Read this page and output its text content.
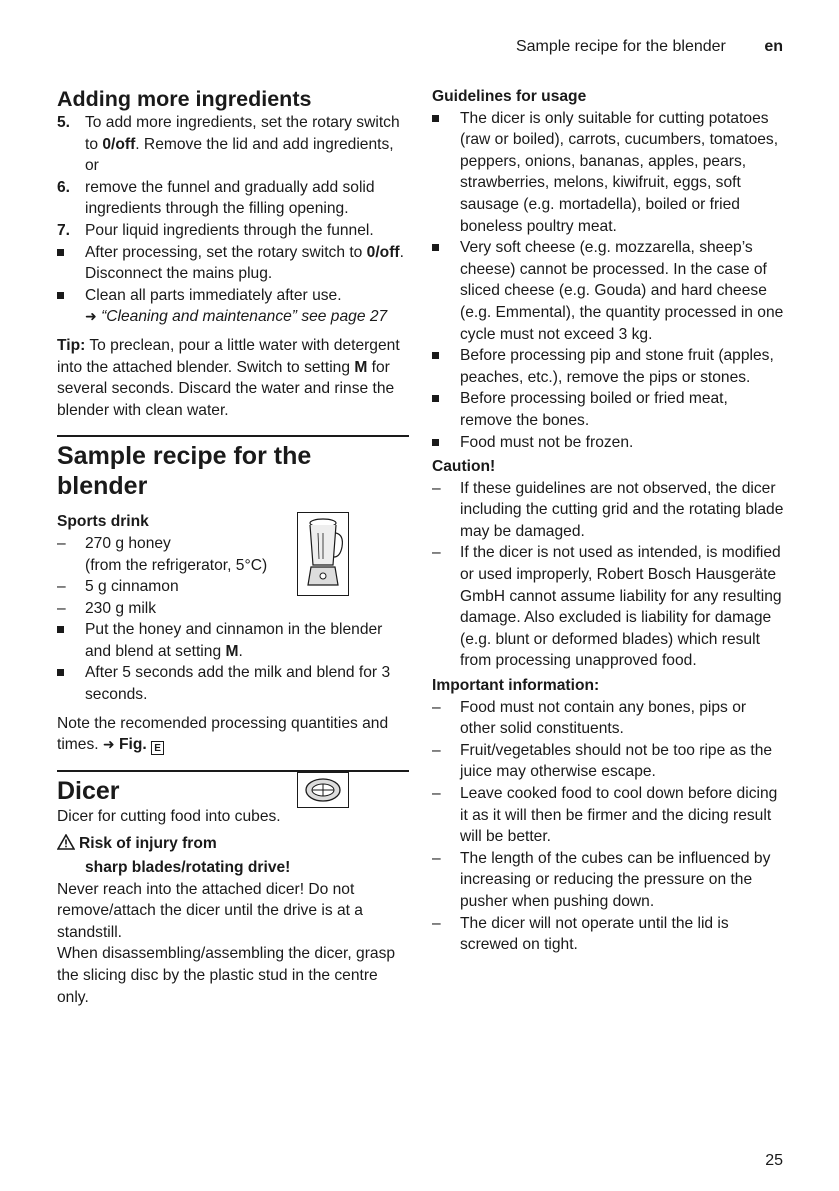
Sample recipe for the blender en
Adding more ingredients
5. To add more ingredients, set the rotary switch to 0/off. Remove the lid and add ingredients, or
6. remove the funnel and gradually add solid ingredients through the filling opening.
7. Pour liquid ingredients through the funnel.
After processing, set the rotary switch to 0/off. Disconnect the mains plug.
Clean all parts immediately after use.
➜ “Cleaning and maintenance” see page 27
Tip: To preclean, pour a little water with detergent into the attached blender. Switch to setting M for several seconds. Discard the water and rinse the blender with clean water.
Sample recipe for the blender
Sports drink
– 270 g honey
(from the refrigerator, 5°C)
– 5 g cinnamon
– 230 g milk
Put the honey and cinnamon in the blender and blend at setting M.
After 5 seconds add the milk and blend for 3 seconds.
Note the recomended processing quantities and times. ➜ Fig. E
Dicer
Dicer for cutting food into cubes.
Risk of injury from
sharp blades/rotating drive!
Never reach into the attached dicer! Do not remove/attach the dicer until the drive is at a standstill.
When disassembling/assembling the dicer, grasp the slicing disc by the plastic stud in the centre only.
Guidelines for usage
The dicer is only suitable for cutting potatoes (raw or boiled), carrots, cucumbers, tomatoes, peppers, onions, bananas, apples, pears, strawberries, melons, kiwifruit, eggs, soft sausage (e.g. mortadella), boiled or fried boneless poultry meat.
Very soft cheese (e.g. mozzarella, sheep’s cheese) cannot be processed. In the case of sliced cheese (e.g. Gouda) and hard cheese (e.g. Emmental), the quantity processed in one cycle must not exceed 3 kg.
Before processing pip and stone fruit (apples, peaches, etc.), remove the pips or stones.
Before processing boiled or fried meat, remove the bones.
Food must not be frozen.
Caution!
– If these guidelines are not observed, the dicer including the cutting grid and the rotating blade may be damaged.
– If the dicer is not used as intended, is modified or used improperly, Robert Bosch Hausgeräte GmbH cannot assume liability for any resulting damage. Also excluded is liability for damage (e.g. blunt or deformed blades) which result from processing unapproved food.
Important information:
– Food must not contain any bones, pips or other solid constituents.
– Fruit/vegetables should not be too ripe as the juice may otherwise escape.
– Leave cooked food to cool down before dicing it as it will then be firmer and the dicing result will be better.
– The length of the cubes can be influenced by increasing or reducing the pressure on the pusher when pushing down.
– The dicer will not operate until the lid is screwed on tight.
25
